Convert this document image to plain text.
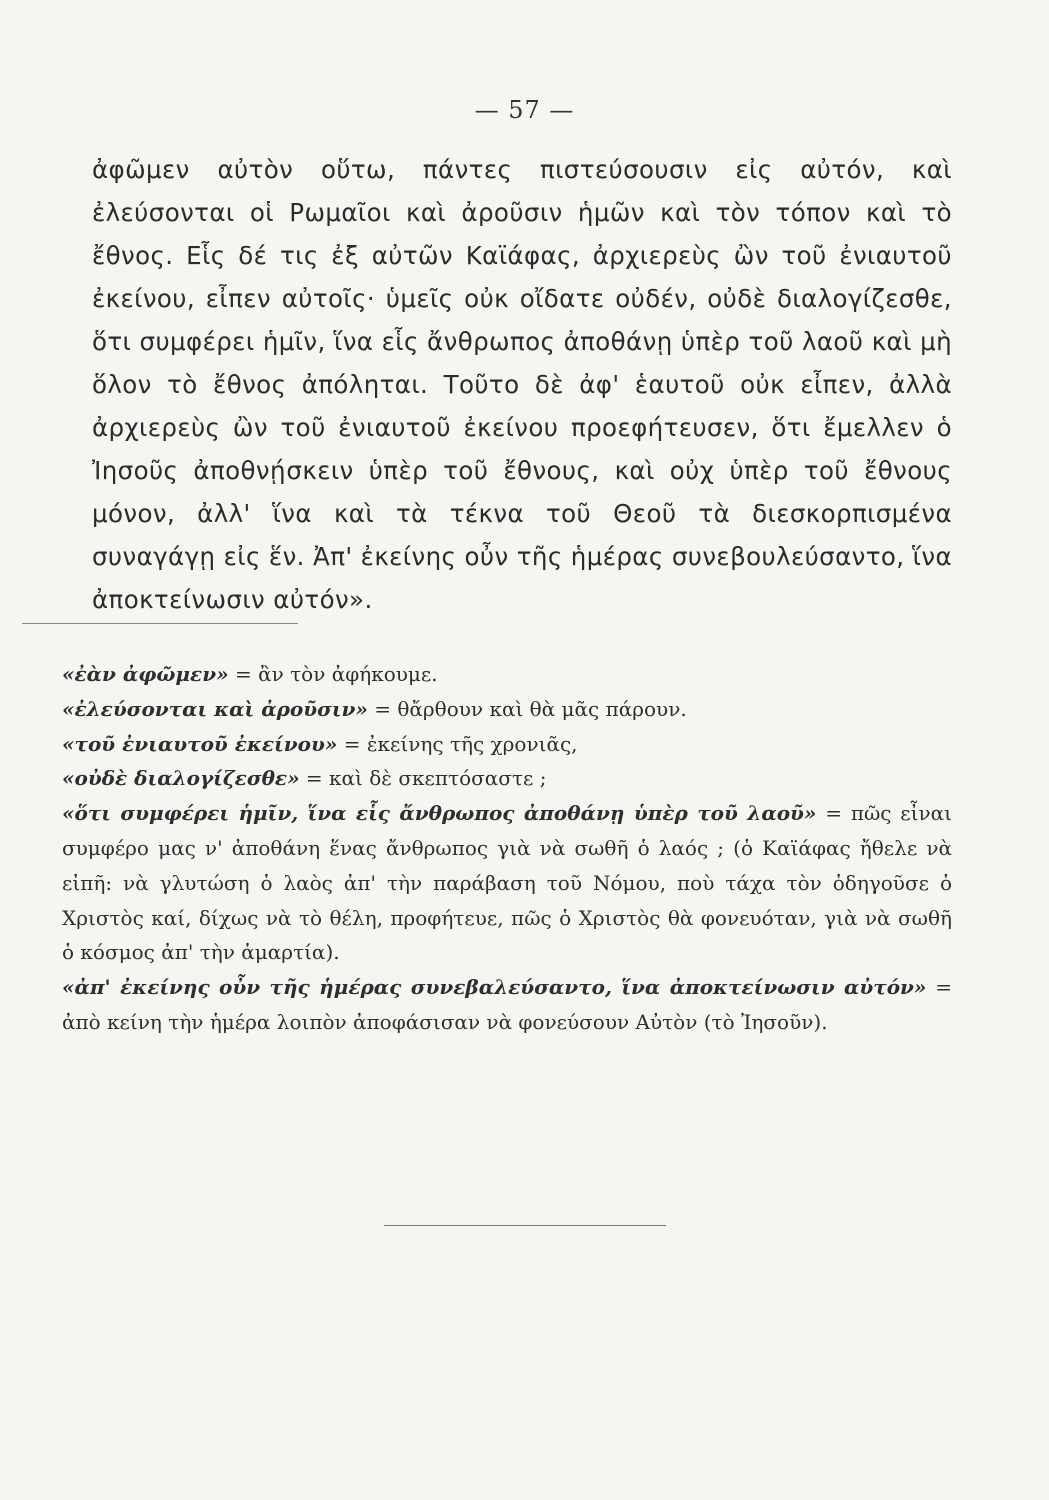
— 57 —

ἀφῶμεν αὐτὸν οὕτω, πάντες πιστεύσουσιν εἰς αὐτόν, καὶ ἐλεύσονται οἱ Ρωμαῖοι καὶ ἀροῦσιν ἡμῶν καὶ τὸν τόπον καὶ τὸ ἔθνος. Εἷς δέ τις ἐξ αὐτῶν Καϊάφας, ἀρχιερεὺς ὢν τοῦ ἐνιαυτοῦ ἐκείνου, εἶπεν αὐτοῖς· ὑμεῖς οὐκ οἴδατε οὐδέν, οὐδὲ διαλογίζεσθε, ὅτι συμφέρει ἡμῖν, ἵνα εἷς ἄνθρωπος ἀποθάνῃ ὑπὲρ τοῦ λαοῦ καὶ μὴ ὅλον τὸ ἔθνος ἀπόληται. Τοῦτο δὲ ἀφ' ἑαυτοῦ οὐκ εἶπεν, ἀλλὰ ἀρχιερεὺς ὢν τοῦ ἐνιαυτοῦ ἐκείνου προεφήτευσεν, ὅτι ἔμελλεν ὁ Ἰησοῦς ἀποθνῄσκειν ὑπὲρ τοῦ ἔθνους, καὶ οὐχ ὑπὲρ τοῦ ἔθνους μόνον, ἀλλ' ἵνα καὶ τὰ τέκνα τοῦ Θεοῦ τὰ διεσκορπισμένα συναγάγῃ εἰς ἕν. Ἀπ' ἐκείνης οὖν τῆς ἡμέρας συνεβουλεύσαντο, ἵνα ἀποκτείνωσιν αὐτόν».

«ἐὰν ἀφῶμεν» = ἂν τὸν ἀφήκουμε.

«ἐλεύσονται καὶ ἀροῦσιν» = θἄρθουν καὶ θὰ μᾶς πάρουν.

«τοῦ ἐνιαυτοῦ ἐκείνου» = ἐκείνης τῆς χρονιᾶς,

«οὐδὲ διαλογίζεσθε» = καὶ δὲ σκεπτόσαστε ;

«ὅτι συμφέρει ἡμῖν, ἵνα εἷς ἄνθρωπος ἀποθάνῃ ὑπὲρ τοῦ λαοῦ» = πῶς εἶναι συμφέρο μας ν' ἀποθάνη ἕνας ἄνθρωπος γιὰ νὰ σωθῆ ὁ λαός ; (ὁ Καϊάφας ἤθελε νὰ εἰπῆ: νὰ γλυτώση ὁ λαὸς ἀπ' τὴν παράβαση τοῦ Νόμου, ποὺ τάχα τὸν ὁδηγοῦσε ὁ Χριστὸς καί, δίχως νὰ τὸ θέλη, προφήτευε, πῶς ὁ Χριστὸς θὰ φονευόταν, γιὰ νὰ σωθῆ ὁ κόσμος ἀπ' τὴν ἁμαρτία).

«ἀπ' ἐκείνης οὖν τῆς ἡμέρας συνεβαλεύσαντο, ἵνα ἀποκτείνωσιν αὐτόν» = ἀπὸ κείνη τὴν ἡμέρα λοιπὸν ἀποφάσισαν νὰ φονεύσουν Αὐτὸν (τὸ Ἰησοῦν).
